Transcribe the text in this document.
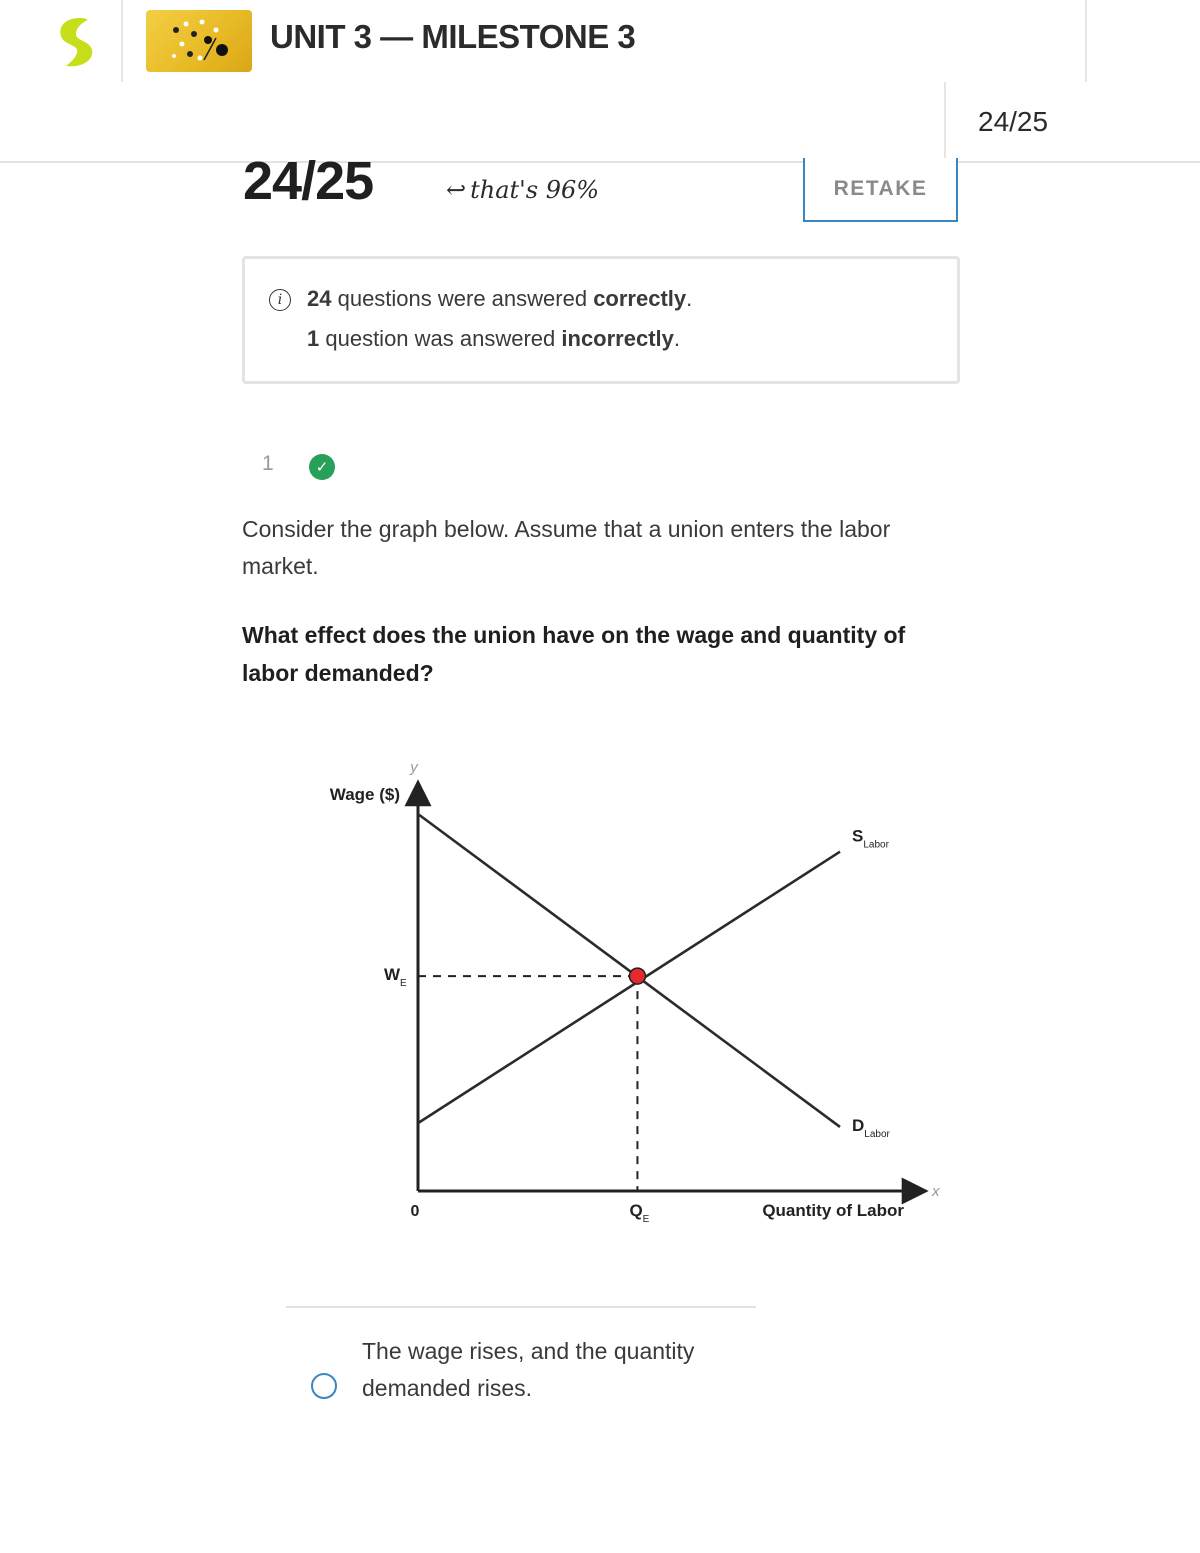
UNIT 3 — MILESTONE 3
24/25
24/25	↩ that's 96%	RETAKE
i	24 questions were answered correctly.
1 question was answered incorrectly.
1	✓
Consider the graph below. Assume that a union enters the labor market.
What effect does the union have on the wage and quantity of labor demanded?
y
Wage ($)
x
Quantity of Labor
0
$D_{Labor}$
$S_{Labor}$
$W_E$
$Q_E$
The wage rises, and the quantity demanded rises.
